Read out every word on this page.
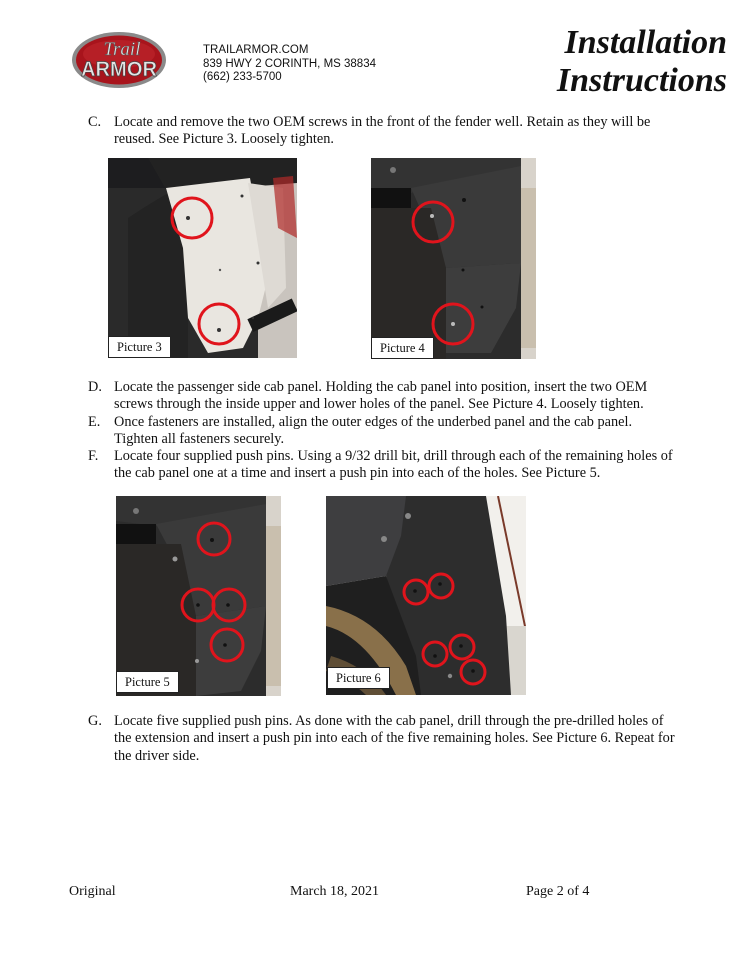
Trail
ARMOR
TRAILARMOR.COM
839 HWY 2 CORINTH, MS 38834
(662) 233-5700
Installation
Instructions
C. Locate and remove the two OEM screws in the front of the fender well. Retain as they will be reused. See Picture 3. Loosely tighten.
Picture 3	Picture 4
D. Locate the passenger side cab panel. Holding the cab panel into position, insert the two OEM screws through the inside upper and lower holes of the panel. See Picture 4. Loosely tighten.
E. Once fasteners are installed, align the outer edges of the underbed panel and the cab panel. Tighten all fasteners securely.
F. Locate four supplied push pins. Using a 9/32 drill bit, drill through each of the remaining holes of the cab panel one at a time and insert a push pin into each of the holes. See Picture 5.
Picture 5	Picture 6
G. Locate five supplied push pins. As done with the cab panel, drill through the pre-drilled holes of the extension and insert a push pin into each of the five remaining holes. See Picture 6. Repeat for the driver side.
Original	March 18, 2021	Page 2 of 4
